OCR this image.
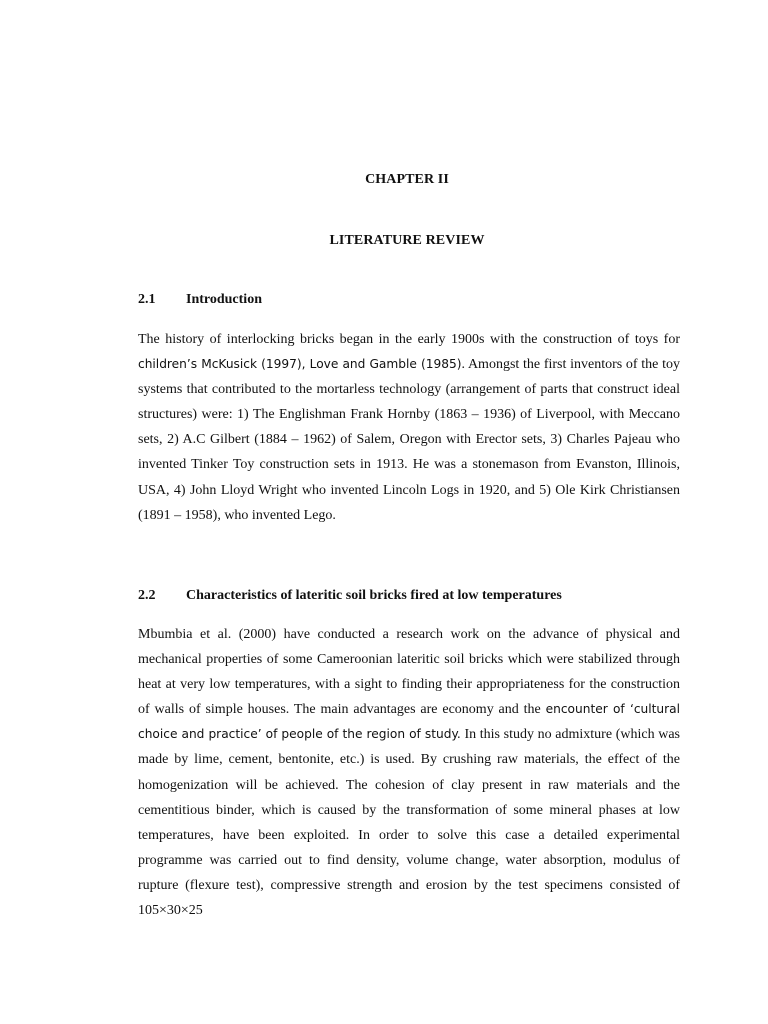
CHAPTER II
LITERATURE REVIEW
2.1 Introduction

The history of interlocking bricks began in the early 1900s with the construction of toys for children’s McKusick (1997), Love and Gamble (1985). Amongst the first inventors of the toy systems that contributed to the mortarless technology (arrangement of parts that construct ideal structures) were: 1) The Englishman Frank Hornby (1863 – 1936) of Liverpool, with Meccano sets, 2) A.C Gilbert (1884 – 1962) of Salem, Oregon with Erector sets, 3) Charles Pajeau who invented Tinker Toy construction sets in 1913. He was a stonemason from Evanston, Illinois, USA, 4) John Lloyd Wright who invented Lincoln Logs in 1920, and 5) Ole Kirk Christiansen (1891 – 1958), who invented Lego.

2.2 Characteristics of lateritic soil bricks fired at low temperatures

Mbumbia et al. (2000) have conducted a research work on the advance of physical and mechanical properties of some Cameroonian lateritic soil bricks which were stabilized through heat at very low temperatures, with a sight to finding their appropriateness for the construction of walls of simple houses. The main advantages are economy and the encounter of ‘cultural choice and practice’ of people of the region of study. In this study no admixture (which was made by lime, cement, bentonite, etc.) is used. By crushing raw materials, the effect of the homogenization will be achieved. The cohesion of clay present in raw materials and the cementitious binder, which is caused by the transformation of some mineral phases at low temperatures, have been exploited. In order to solve this case a detailed experimental programme was carried out to find density, volume change, water absorption, modulus of rupture (flexure test), compressive strength and erosion by the test specimens consisted of 105×30×25
